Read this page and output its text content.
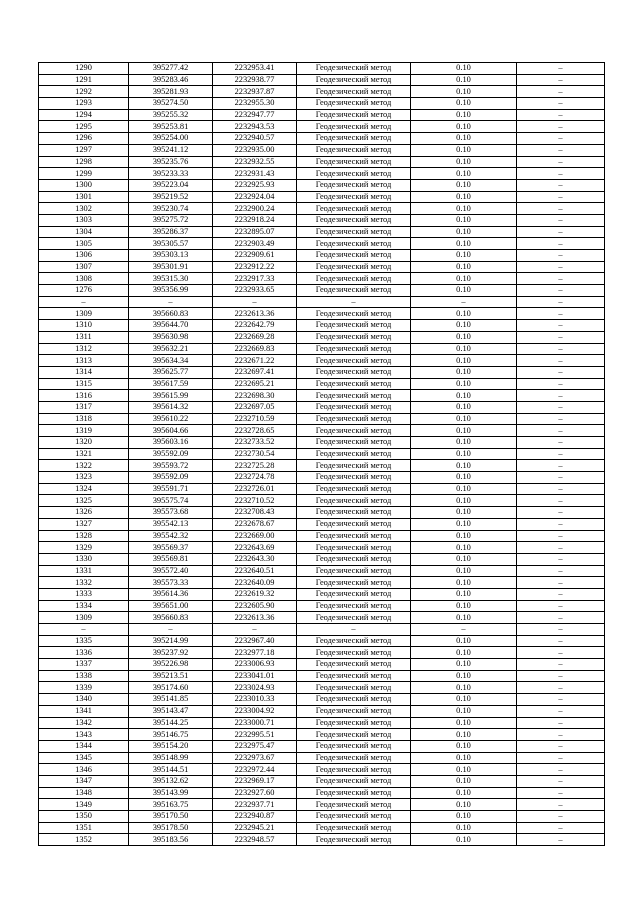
1290	395277.42	2232953.41	Геодезический метод	0.10	–
1291	395283.46	2232938.77	Геодезический метод	0.10	–
1292	395281.93	2232937.87	Геодезический метод	0.10	–
1293	395274.50	2232955.30	Геодезический метод	0.10	–
1294	395255.32	2232947.77	Геодезический метод	0.10	–
1295	395253.81	2232943.53	Геодезический метод	0.10	–
1296	395254.00	2232940.57	Геодезический метод	0.10	–
1297	395241.12	2232935.00	Геодезический метод	0.10	–
1298	395235.76	2232932.55	Геодезический метод	0.10	–
1299	395233.33	2232931.43	Геодезический метод	0.10	–
1300	395223.04	2232925.93	Геодезический метод	0.10	–
1301	395219.52	2232924.04	Геодезический метод	0.10	–
1302	395230.74	2232900.24	Геодезический метод	0.10	–
1303	395275.72	2232918.24	Геодезический метод	0.10	–
1304	395286.37	2232895.07	Геодезический метод	0.10	–
1305	395305.57	2232903.49	Геодезический метод	0.10	–
1306	395303.13	2232909.61	Геодезический метод	0.10	–
1307	395301.91	2232912.22	Геодезический метод	0.10	–
1308	395315.30	2232917.33	Геодезический метод	0.10	–
1276	395356.99	2232933.65	Геодезический метод	0.10	–
–	–	–	–	–	–
1309	395660.83	2232613.36	Геодезический метод	0.10	–
1310	395644.70	2232642.79	Геодезический метод	0.10	–
1311	395630.98	2232669.28	Геодезический метод	0.10	–
1312	395632.21	2232669.83	Геодезический метод	0.10	–
1313	395634.34	2232671.22	Геодезический метод	0.10	–
1314	395625.77	2232697.41	Геодезический метод	0.10	–
1315	395617.59	2232695.21	Геодезический метод	0.10	–
1316	395615.99	2232698.30	Геодезический метод	0.10	–
1317	395614.32	2232697.05	Геодезический метод	0.10	–
1318	395610.22	2232710.59	Геодезический метод	0.10	–
1319	395604.66	2232728.65	Геодезический метод	0.10	–
1320	395603.16	2232733.52	Геодезический метод	0.10	–
1321	395592.09	2232730.54	Геодезический метод	0.10	–
1322	395593.72	2232725.28	Геодезический метод	0.10	–
1323	395592.09	2232724.78	Геодезический метод	0.10	–
1324	395591.71	2232726.01	Геодезический метод	0.10	–
1325	395575.74	2232710.52	Геодезический метод	0.10	–
1326	395573.68	2232708.43	Геодезический метод	0.10	–
1327	395542.13	2232678.67	Геодезический метод	0.10	–
1328	395542.32	2232669.00	Геодезический метод	0.10	–
1329	395569.37	2232643.69	Геодезический метод	0.10	–
1330	395569.81	2232643.30	Геодезический метод	0.10	–
1331	395572.40	2232640.51	Геодезический метод	0.10	–
1332	395573.33	2232640.09	Геодезический метод	0.10	–
1333	395614.36	2232619.32	Геодезический метод	0.10	–
1334	395651.00	2232605.90	Геодезический метод	0.10	–
1309	395660.83	2232613.36	Геодезический метод	0.10	–
–	–	–	–	–	–
1335	395214.99	2232967.40	Геодезический метод	0.10	–
1336	395237.92	2232977.18	Геодезический метод	0.10	–
1337	395226.98	2233006.93	Геодезический метод	0.10	–
1338	395213.51	2233041.01	Геодезический метод	0.10	–
1339	395174.60	2233024.93	Геодезический метод	0.10	–
1340	395141.85	2233010.33	Геодезический метод	0.10	–
1341	395143.47	2233004.92	Геодезический метод	0.10	–
1342	395144.25	2233000.71	Геодезический метод	0.10	–
1343	395146.75	2232995.51	Геодезический метод	0.10	–
1344	395154.20	2232975.47	Геодезический метод	0.10	–
1345	395148.99	2232973.67	Геодезический метод	0.10	–
1346	395144.51	2232972.44	Геодезический метод	0.10	–
1347	395132.62	2232969.17	Геодезический метод	0.10	–
1348	395143.99	2232927.60	Геодезический метод	0.10	–
1349	395163.75	2232937.71	Геодезический метод	0.10	–
1350	395170.50	2232940.87	Геодезический метод	0.10	–
1351	395178.50	2232945.21	Геодезический метод	0.10	–
1352	395183.56	2232948.57	Геодезический метод	0.10	–
